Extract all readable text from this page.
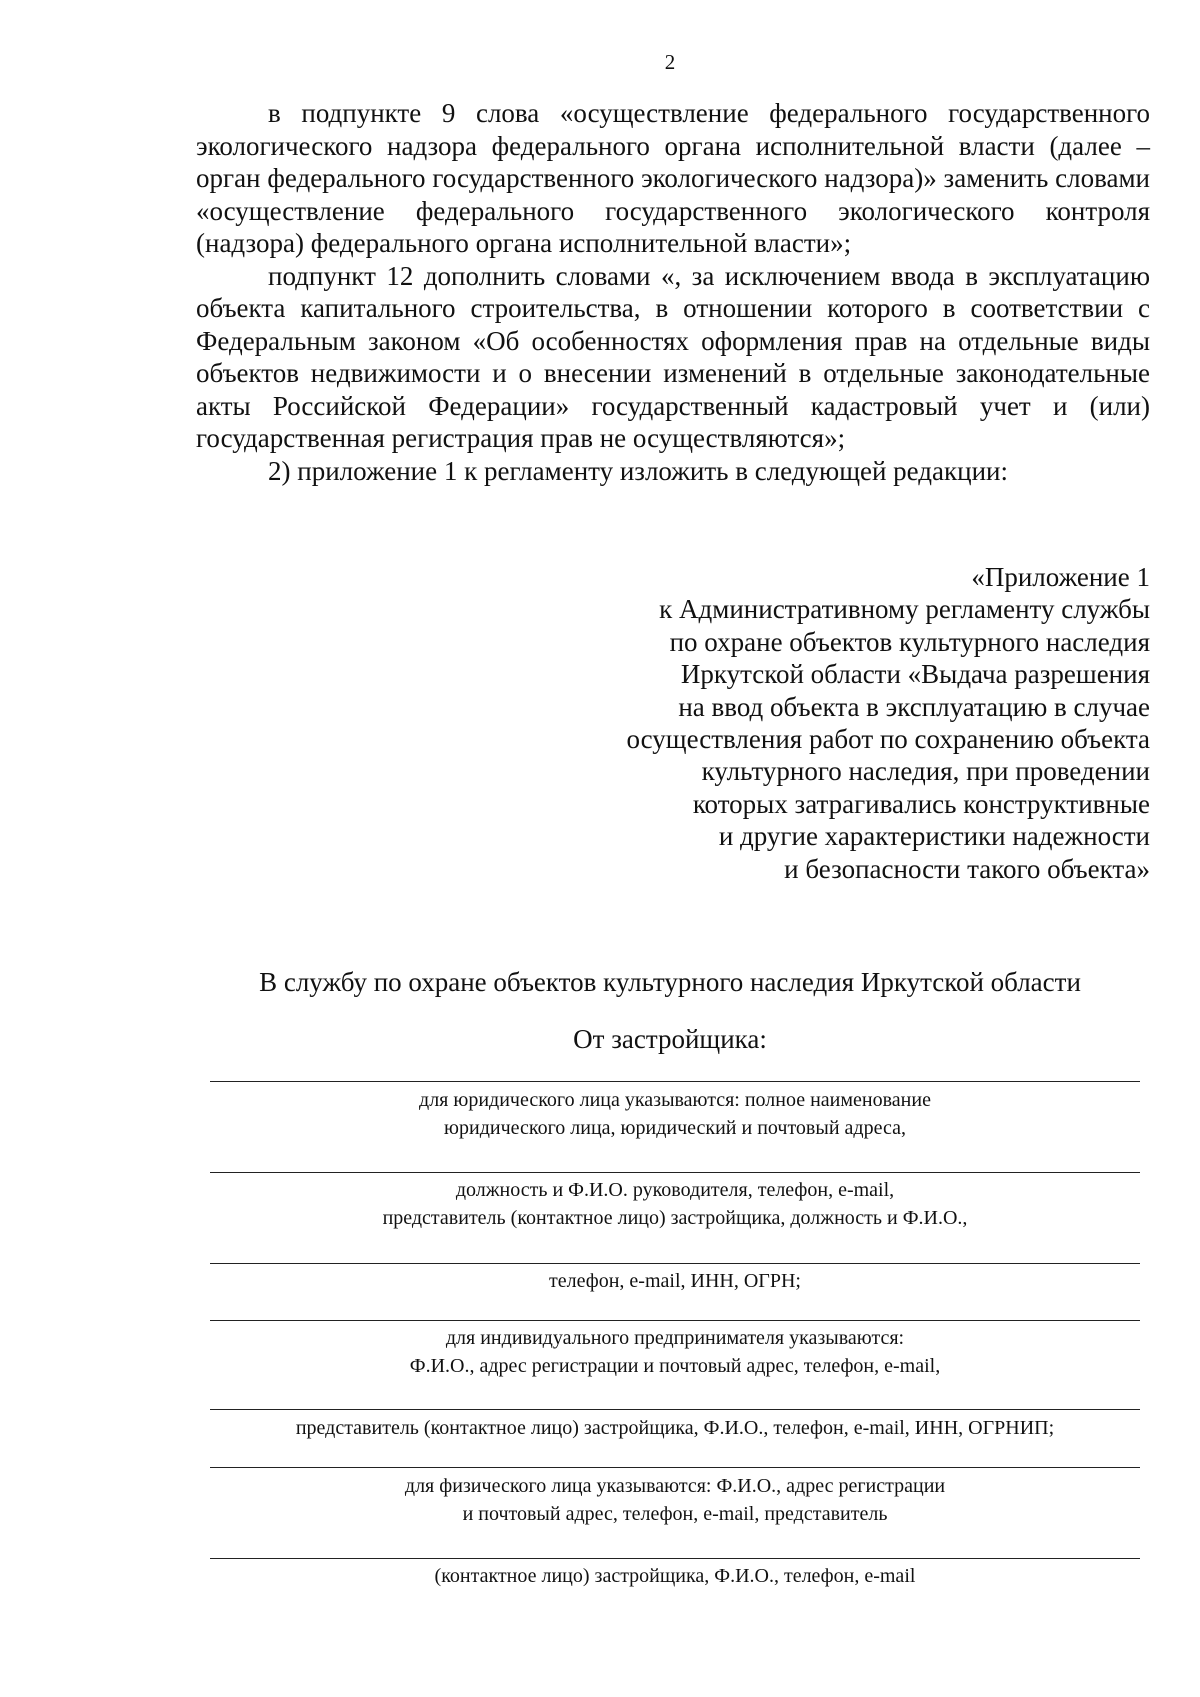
2

в подпункте 9 слова «осуществление федерального государственного экологического надзора федерального органа исполнительной власти (далее – орган федерального государственного экологического надзора)» заменить словами «осуществление федерального государственного экологического контроля (надзора) федерального органа исполнительной власти»;

подпункт 12 дополнить словами «, за исключением ввода в эксплуатацию объекта капитального строительства, в отношении которого в соответствии с Федеральным законом «Об особенностях оформления прав на отдельные виды объектов недвижимости и о внесении изменений в отдельные законодательные акты Российской Федерации» государственный кадастровый учет и (или) государственная регистрация прав не осуществляются»;

2) приложение 1 к регламенту изложить в следующей редакции:

«Приложение 1
к Административному регламенту службы
по охране объектов культурного наследия
Иркутской области «Выдача разрешения
на ввод объекта в эксплуатацию в случае
осуществления работ по сохранению объекта
культурного наследия, при проведении
которых затрагивались конструктивные
и другие характеристики надежности
и безопасности такого объекта»
В службу по охране объектов культурного наследия Иркутской области
От застройщика:
для юридического лица указываются: полное наименование
юридического лица, юридический и почтовый адреса,
должность и Ф.И.О. руководителя, телефон, e-mail,
представитель (контактное лицо) застройщика, должность и Ф.И.О.,
телефон, e-mail, ИНН, ОГРН;
для индивидуального предпринимателя указываются:
Ф.И.О., адрес регистрации и почтовый адрес, телефон, e-mail,
представитель (контактное лицо) застройщика, Ф.И.О., телефон, e-mail, ИНН, ОГРНИП;
для физического лица указываются: Ф.И.О., адрес регистрации
и почтовый адрес, телефон, e-mail, представитель
(контактное лицо) застройщика, Ф.И.О., телефон, e-mail
